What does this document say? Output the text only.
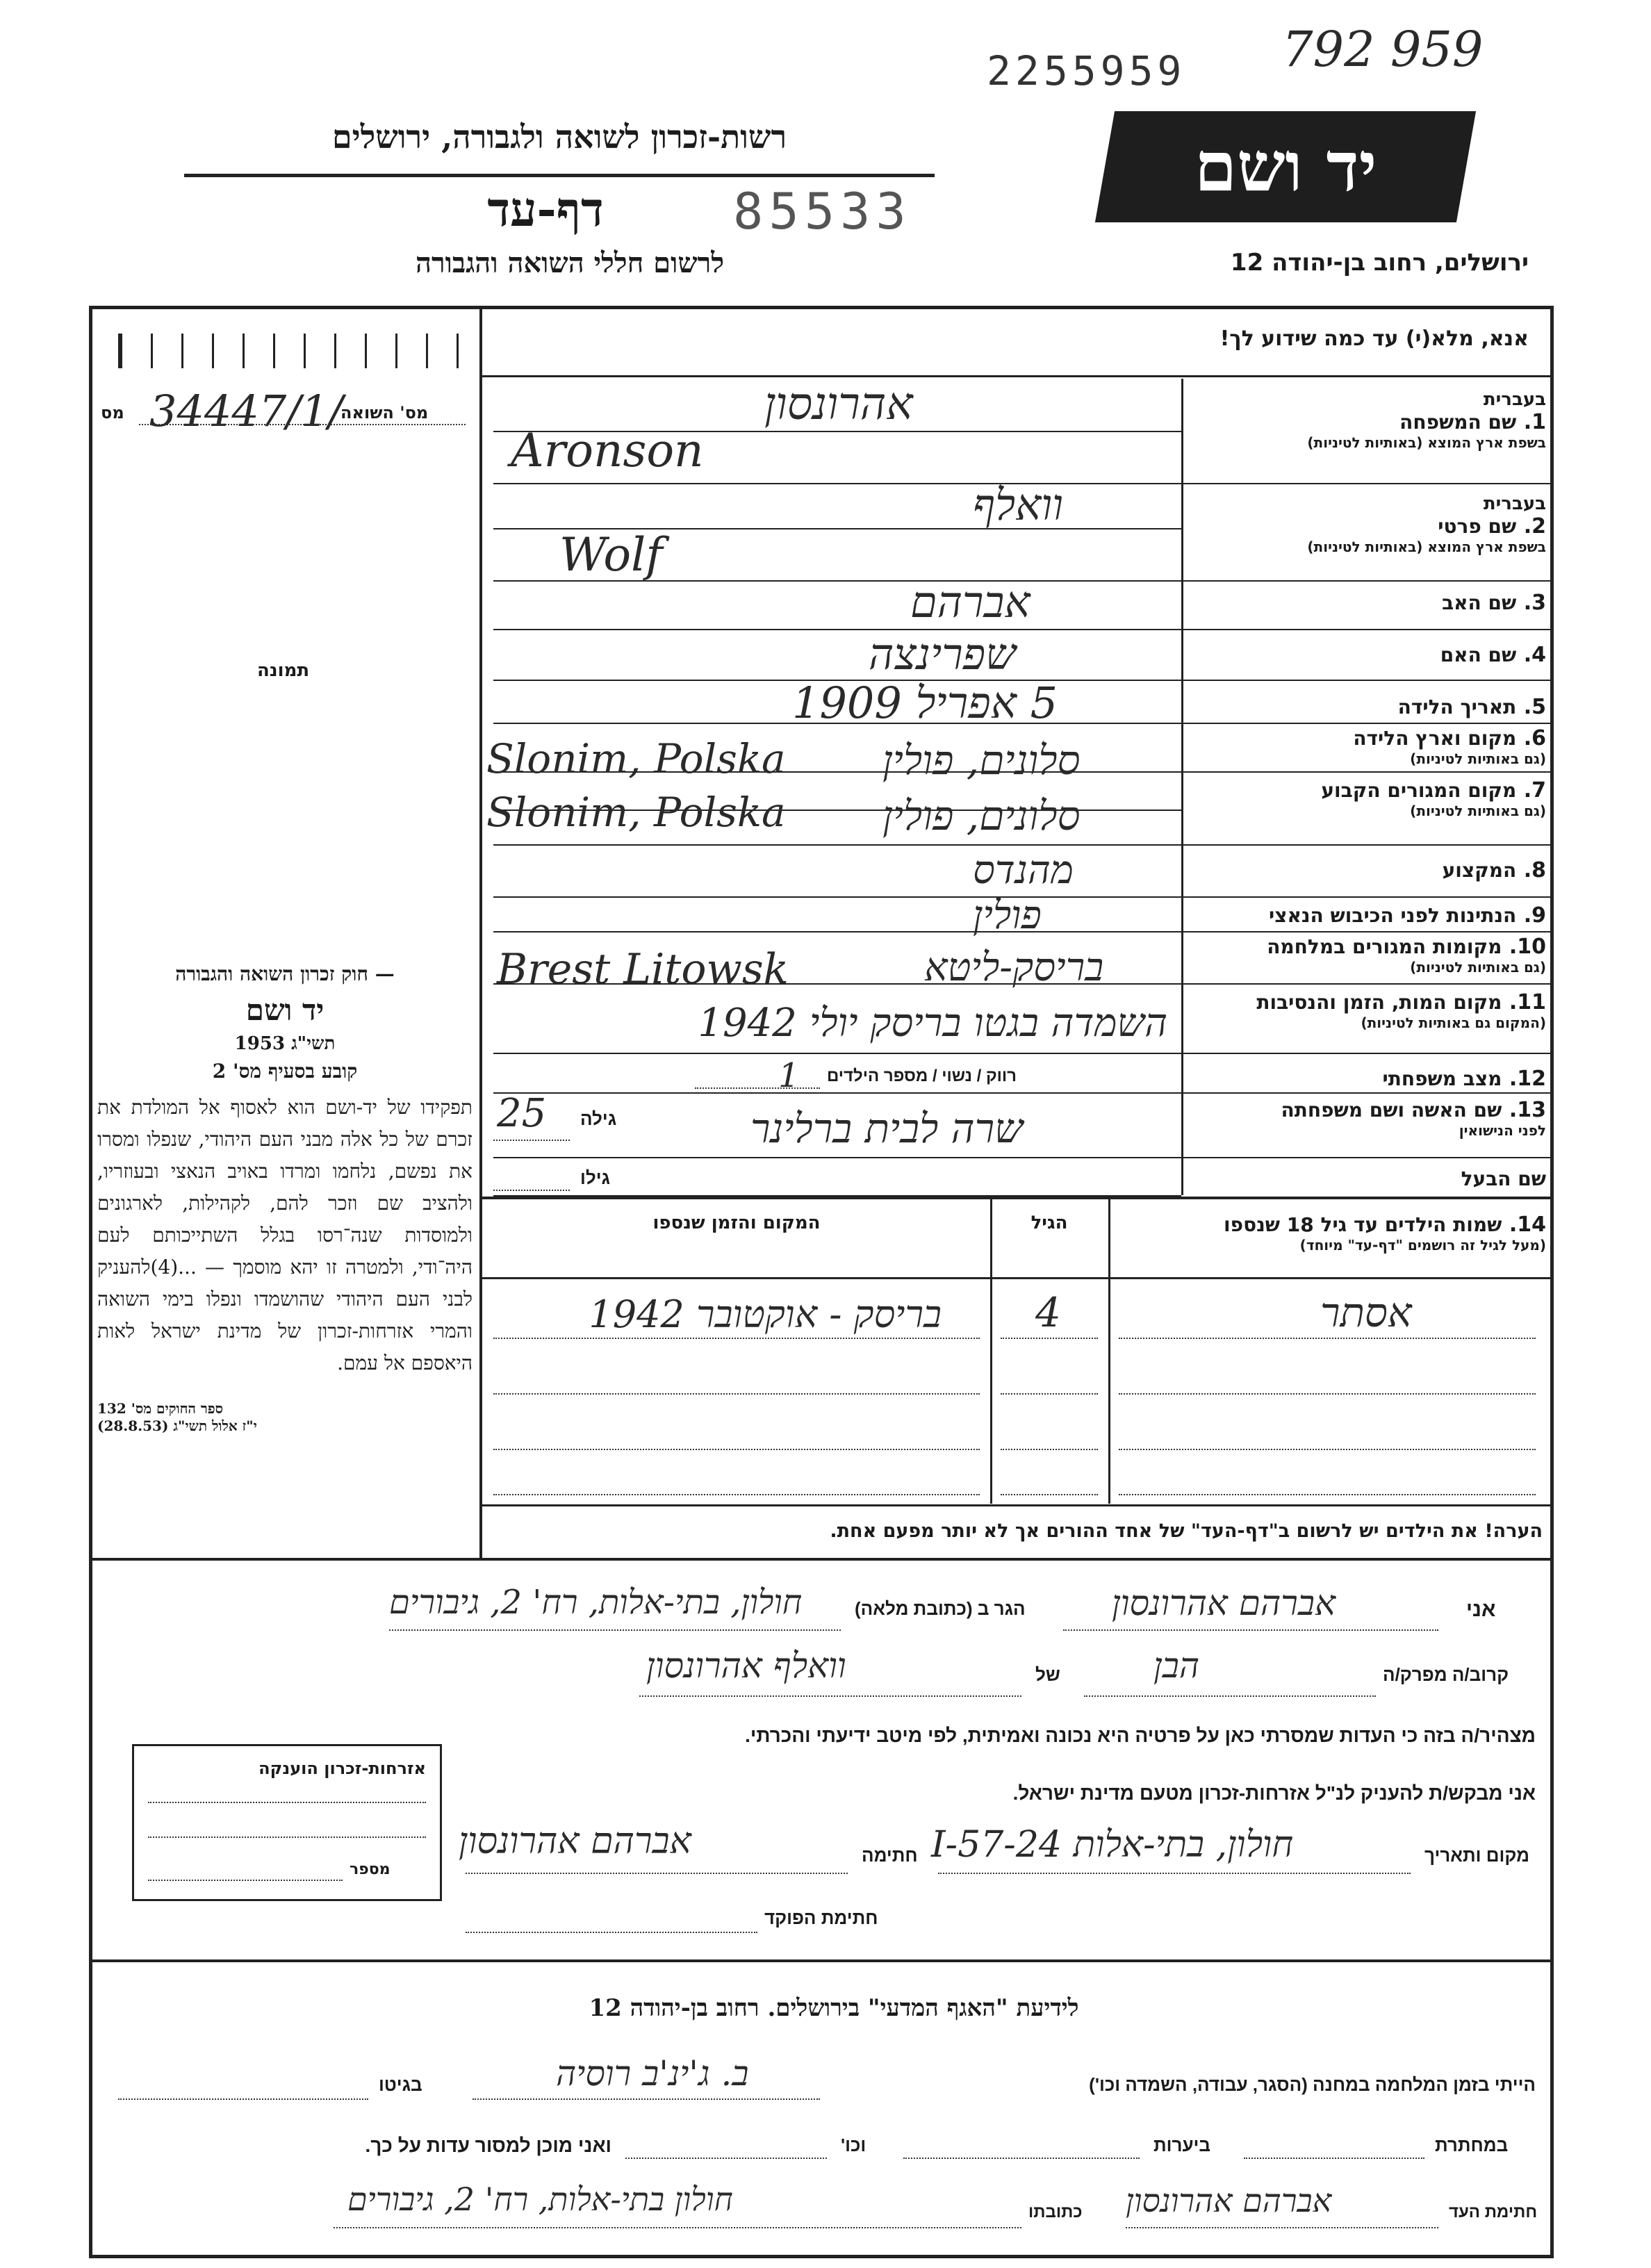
2255959 792 959
רשות-זכרון לשואה ולגבורה, ירושלים
דף-עד	85533
לרשום חללי השואה והגבורה
יד ושם
ירושלים, רחוב בן-יהודה 12
אנא, מלא(י) עד כמה שידוע לך!
מס' השואה
מס 34447/1/
תמונה
בעברית
1. שם המשפחה
בשפת ארץ המוצא (באותיות לטיניות)
בעברית
2. שם פרטי
בשפת ארץ המוצא (באותיות לטיניות)
3. שם האב
4. שם האם
5. תאריך הלידה
6. מקום וארץ הלידה
(גם באותיות לטיניות)
7. מקום המגורים הקבוע
(גם באותיות לטיניות)
8. המקצוע
9. הנתינות לפני הכיבוש הנאצי
10. מקומות המגורים במלחמה
(גם באותיות לטיניות)
11. מקום המות, הזמן והנסיבות
(המקום גם באותיות לטיניות)
12. מצב משפחתי
13. שם האשה ושם משפחתה
לפני הנישואין
שם הבעל
אהרונסון
Aronson
וואלף
Wolf
אברהם
שפרינצה
5 אפריל 1909
Slonim, Polska סלונים, פולין
Slonim, Polska סלונים, פולין
מהנדס
פולין
Brest Litowsk	בריסק-ליטא
השמדה בגטו בריסק יולי 1942
רווק / נשוי / מספר הילדים
1
שרה לבית ברלינר
גילה
25
גילו
14. שמות הילדים עד גיל 18 שנספו
(מעל לגיל זה רושמים "דף-עד" מיוחד)
הגיל
המקום והזמן שנספו
אסתר
4
בריסק - אוקטובר 1942
הערה! את הילדים יש לרשום ב"דף-העד" של אחד ההורים אך לא יותר מפעם אחת.
— חוק זכרון השואה והגבורה
יד ושם
תשי"ג 1953
קובע בסעיף מס' 2
תפקידו של יד-ושם הוא לאסוף אל המולדת את זכרם של כל אלה מבני העם היהודי, שנפלו ומסרו את נפשם, נלחמו ומרדו באויב הנאצי ובעוזריו, ולהציב שם וזכר להם, לקהילות, לארגונים ולמוסדות שנה־רסו בגלל השתייכותם לעם היה־ודי, ולמטרה זו יהא מוסמך — ...(4)להעניק לבני העם היהודי שהושמדו ונפלו בימי השואה והמרי אזרחות-זכרון של מדינת ישראל לאות היאספם אל עמם.
ספר החוקים מס' 132
י"ז אלול תשי"ג (28.8.53)
אני
אברהם אהרונסון
הגר ב (כתובת מלאה)
חולון, בתי-אלות, רח' 2, גיבורים
קרוב/ה מפרק/ה
הבן
של
וואלף אהרונסון
מצהיר/ה בזה כי העדות שמסרתי כאן על פרטיה היא נכונה ואמיתית, לפי מיטב ידיעתי והכרתי.
אני מבקש/ת להעניק לנ"ל אזרחות-זכרון מטעם מדינת ישראל.
מקום ותאריך
חולון, בתי-אלות 24-I-57
חתימה
אברהם אהרונסון
חתימת הפוקד
אזרחות-זכרון הוענקה
מספר
לידיעת "האגף המדעי" בירושלים. רחוב בן-יהודה 12
הייתי בזמן המלחמה במחנה (הסגר, עבודה, השמדה וכו')
ב. ג'ינ'ב רוסיה
בגיטו
במחתרת
ביערות
וכו'
ואני מוכן למסור עדות על כך.
חתימת העד
אברהם אהרונסון
כתובתו
חולון בתי-אלות, רח' 2, גיבורים
